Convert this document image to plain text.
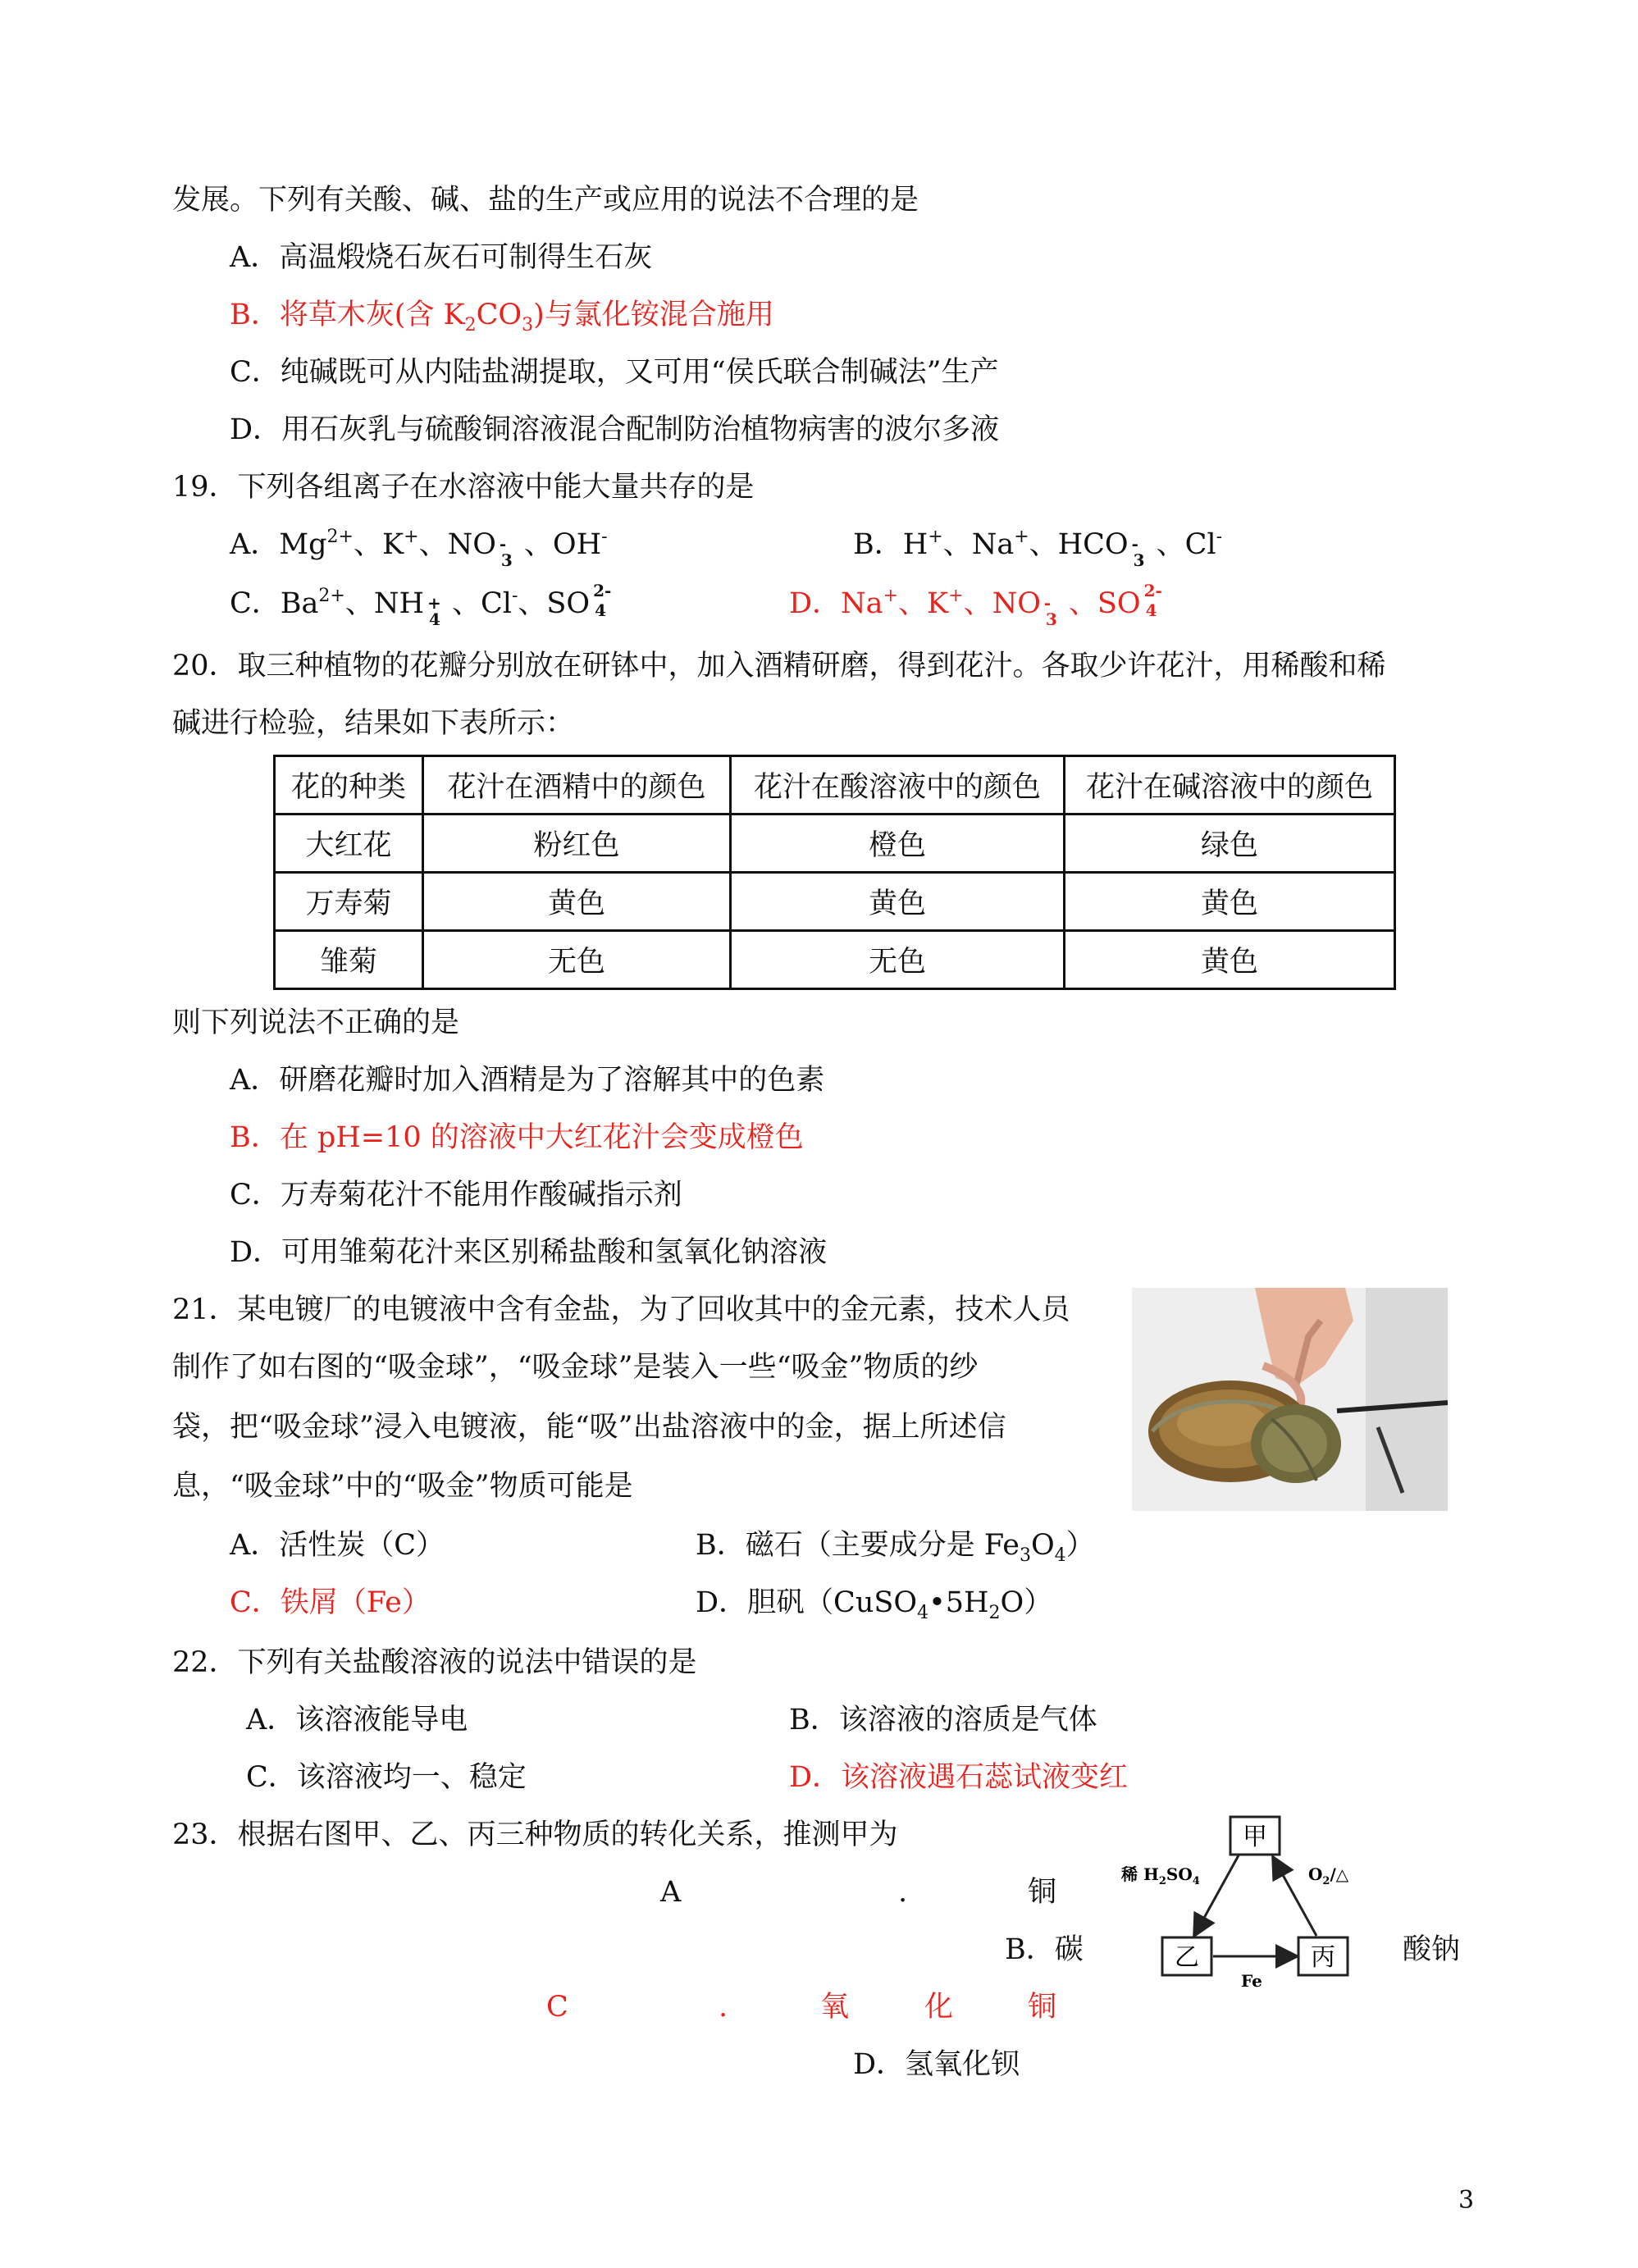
发展。下列有关酸、碱、盐的生产或应用的说法不合理的是
A．高温煅烧石灰石可制得生石灰
B．将草木灰(含 $K_2CO_3$)与氯化铵混合施用
C．纯碱既可从内陆盐湖提取，又可用“侯氏联合制碱法”生产
D．用石灰乳与硫酸铜溶液混合配制防治植物病害的波尔多液
19．下列各组离子在水溶液中能大量共存的是
A．$Mg^{2+}$、K+、NO -
3 、OH-	B．H+、Na+、HCO -
3 、Cl-
C．$Ba^{2+}$、NH +
4 、Cl-、SO 2-
4	D．Na+、K+、NO -
3 、SO 2-
4
20．取三种植物的花瓣分别放在研钵中，加入酒精研磨，得到花汁。各取少许花汁，用稀酸和稀
碱进行检验，结果如下表所示：
花的种类	花汁在酒精中的颜色	花汁在酸溶液中的颜色	花汁在碱溶液中的颜色
大红花	粉红色	橙色	绿色
万寿菊	黄色	黄色	黄色
雏菊	无色	无色	黄色
则下列说法不正确的是
A．研磨花瓣时加入酒精是为了溶解其中的色素
B．在 pH=10 的溶液中大红花汁会变成橙色
C．万寿菊花汁不能用作酸碱指示剂
D．可用雏菊花汁来区别稀盐酸和氢氧化钠溶液
21．某电镀厂的电镀液中含有金盐，为了回收其中的金元素，技术人员
制作了如右图的“吸金球”，“吸金球”是装入一些“吸金”物质的纱
袋，把“吸金球”浸入电镀液，能“吸”出盐溶液中的金，据上所述信
息，“吸金球”中的“吸金”物质可能是
A．活性炭（C）	B．磁石（主要成分是 $Fe_3O_4$）
C．铁屑（Fe）	D．胆矾$(CuSO_4•5H_2O)$
22．下列有关盐酸溶液的说法中错误的是
A．该溶液能导电	B．该溶液的溶质是气体
C．该溶液均一、稳定	D．该溶液遇石蕊试液变红
23．根据右图甲、乙、丙三种物质的转化关系，推测甲为
A	.	铜
B．碳	酸钠
C	.	氧	化	铜
D．氢氧化钡
甲
乙	丙
稀 $H_2SO_4$	$O_2/\triangle$
Fe
3
